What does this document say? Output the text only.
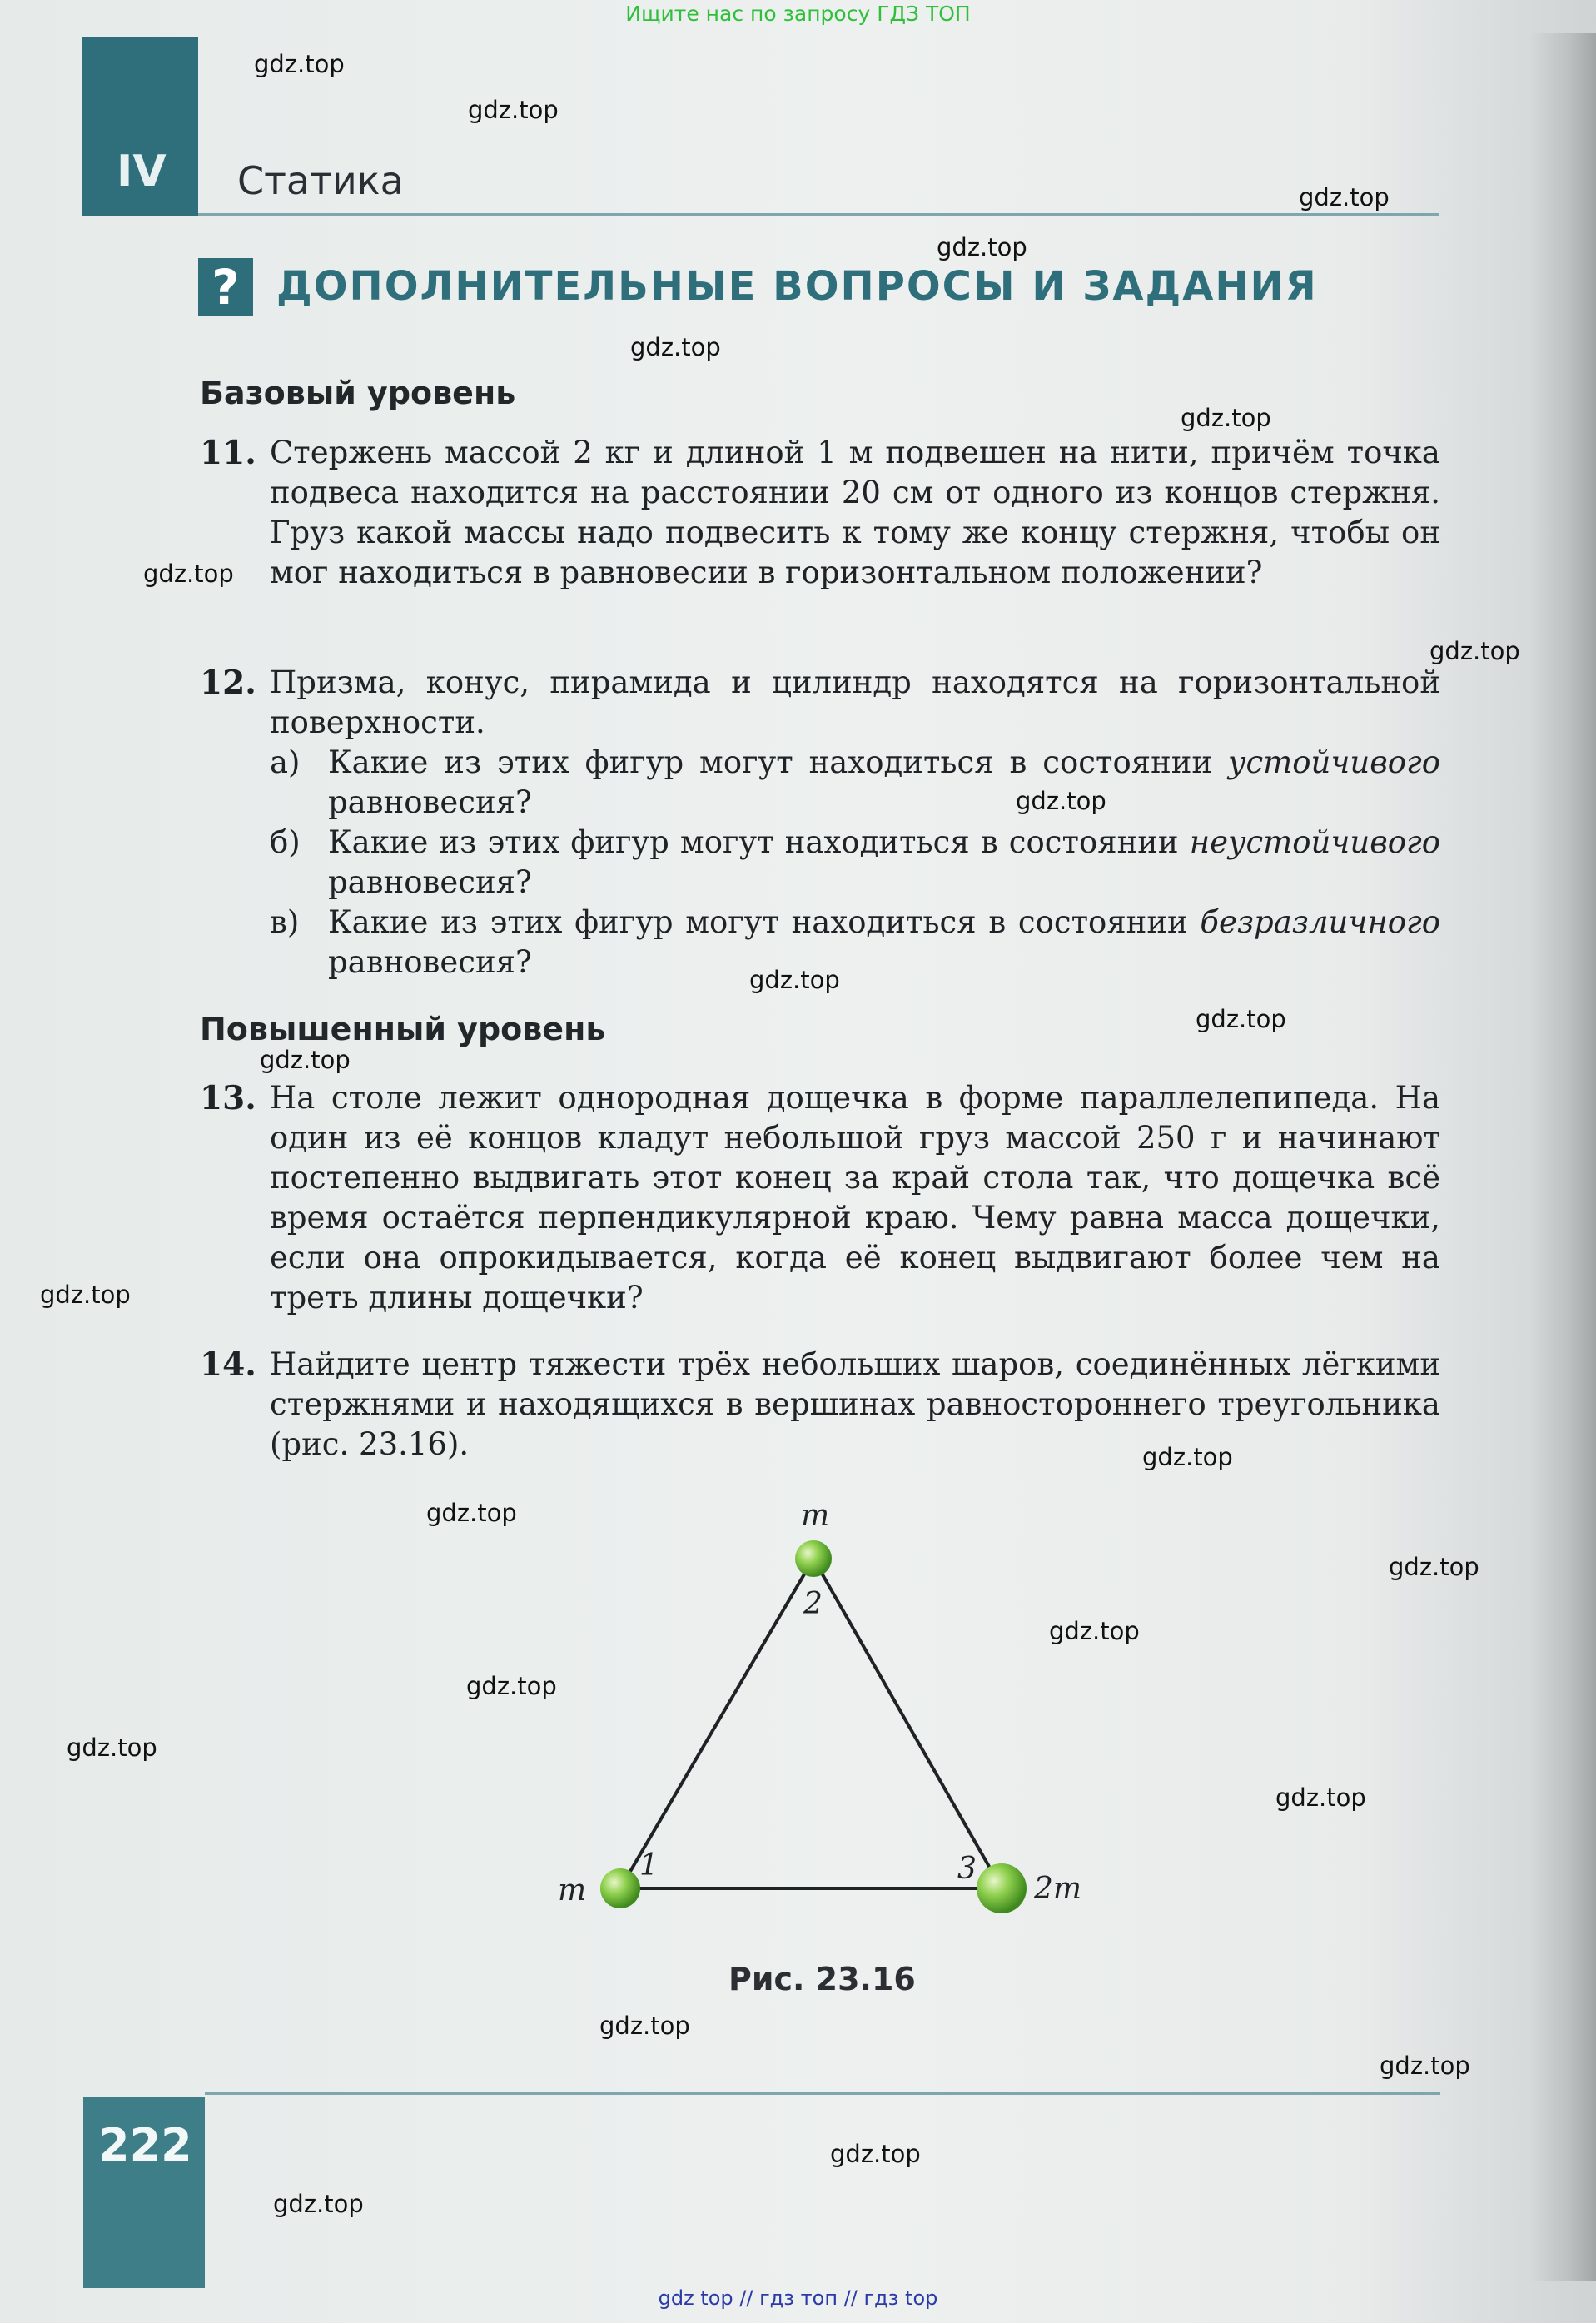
Ищите нас по запросу ГДЗ ТОП
IV Статика
? ДОПОЛНИТЕЛЬНЫЕ ВОПРОСЫ И ЗАДАНИЯ
Базовый уровень
11. Стержень массой 2 кг и длиной 1 м подвешен на нити, причём точка подвеса находится на расстоянии 20 см от одного из концов стержня. Груз какой массы надо подвесить к тому же концу стержня, чтобы он мог находиться в равновесии в горизонтальном положении?

12. Призма, конус, пирамида и цилиндр находятся на горизонтальной поверхности.

а) Какие из этих фигур могут находиться в состоянии устойчивого равновесия?

б) Какие из этих фигур могут находиться в состоянии неустойчивого равновесия?

в) Какие из этих фигур могут находиться в состоянии безразличного равновесия?

Повышенный уровень
13. На столе лежит однородная дощечка в форме параллелепипеда. На один из её концов кладут небольшой груз массой 250 г и начинают постепенно выдвигать этот конец за край стола так, что дощечка всё время остаётся перпендикулярной краю. Чему равна масса дощечки, если она опрокидывается, когда её конец выдвигают более чем на треть длины дощечки?

14. Найдите центр тяжести трёх небольших шаров, соединённых лёгкими стержнями и находящихся в вершинах равностороннего треугольника (рис. 23.16).

m
2
m
1
2m
3
Рис. 23.16
222
gdz.top
gdz.top
gdz.top
gdz.top
gdz.top
gdz.top
gdz.top
gdz.top
gdz.top
gdz.top
gdz.top
gdz.top
gdz.top
gdz.top
gdz.top
gdz.top
gdz.top
gdz.top
gdz.top
gdz.top
gdz.top
gdz.top
gdz.top
gdz.top
gdz top // гдз топ // гдз top
